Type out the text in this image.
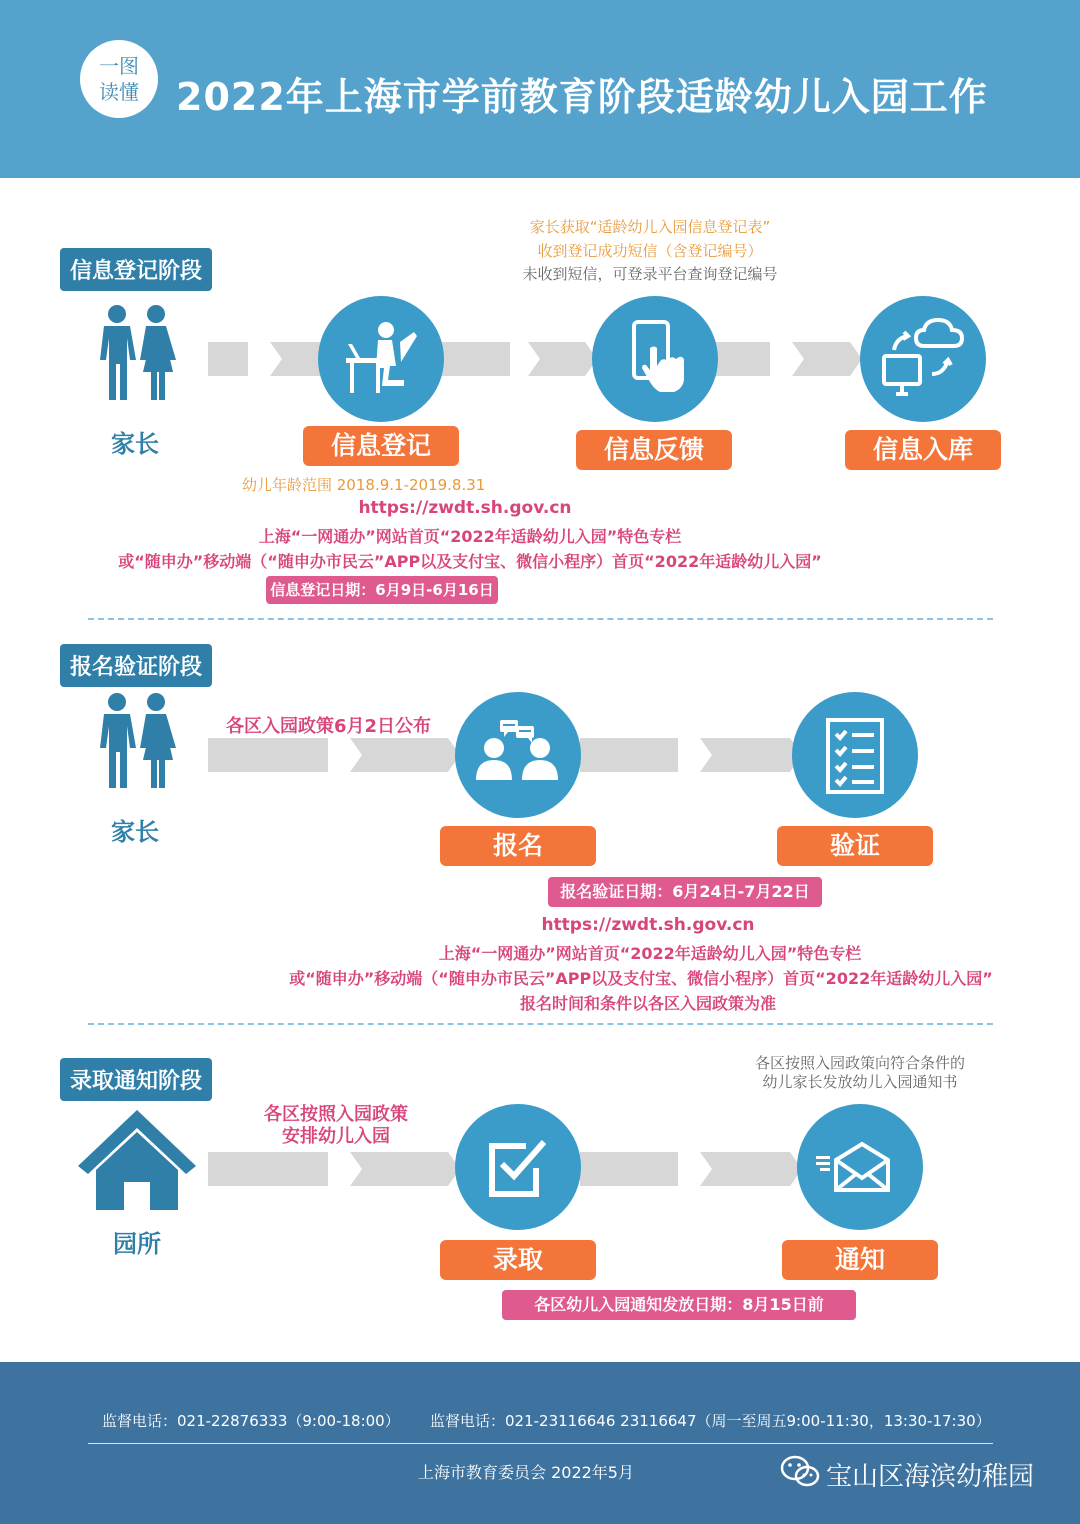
一图
读懂 2022年上海市学前教育阶段适龄幼儿入园工作
信息登记阶段
家长获取“适龄幼儿入园信息登记表”
收到登记成功短信（含登记编号）
未收到短信，可登录平台查询登记编号
家长	信息登记	信息反馈	信息入库
幼儿年龄范围 2018.9.1-2019.8.31
https://zwdt.sh.gov.cn
上海“一网通办”网站首页“2022年适龄幼儿入园”特色专栏
或“随申办”移动端（“随申办市民云”APP以及支付宝、微信小程序）首页“2022年适龄幼儿入园”
信息登记日期：6月9日-6月16日
报名验证阶段
家长
各区入园政策6月2日公布
报名	验证
报名验证日期：6月24日-7月22日
https://zwdt.sh.gov.cn
上海“一网通办”网站首页“2022年适龄幼儿入园”特色专栏
或“随申办”移动端（“随申办市民云”APP以及支付宝、微信小程序）首页“2022年适龄幼儿入园”
报名时间和条件以各区入园政策为准
录取通知阶段
园所
各区按照入园政策
安排幼儿入园
各区按照入园政策向符合条件的
幼儿家长发放幼儿入园通知书
录取	通知
各区幼儿入园通知发放日期：8月15日前
监督电话：021-22876333（9:00-18:00） 监督电话：021-23116646 23116647（周一至周五9:00-11:30，13:30-17:30）
上海市教育委员会 2022年5月	宝山区海滨幼稚园
